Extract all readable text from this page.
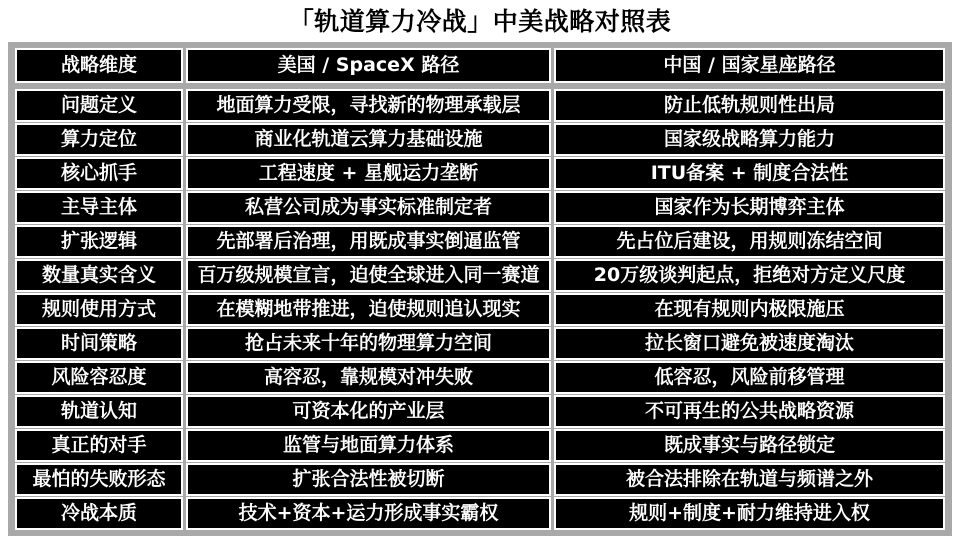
「轨道算力冷战」中美战略对照表
战略维度	美国 / SpaceX 路径	中国 / 国家星座路径
问题定义	地面算力受限，寻找新的物理承载层	防止低轨规则性出局
算力定位	商业化轨道云算力基础设施	国家级战略算力能力
核心抓手	工程速度 + 星舰运力垄断	ITU备案 + 制度合法性
主导主体	私营公司成为事实标准制定者	国家作为长期博弈主体
扩张逻辑	先部署后治理，用既成事实倒逼监管	先占位后建设，用规则冻结空间
数量真实含义	百万级规模宣言，迫使全球进入同一赛道	20万级谈判起点，拒绝对方定义尺度
规则使用方式	在模糊地带推进，迫使规则追认现实	在现有规则内极限施压
时间策略	抢占未来十年的物理算力空间	拉长窗口避免被速度淘汰
风险容忍度	高容忍，靠规模对冲失败	低容忍，风险前移管理
轨道认知	可资本化的产业层	不可再生的公共战略资源
真正的对手	监管与地面算力体系	既成事实与路径锁定
最怕的失败形态	扩张合法性被切断	被合法排除在轨道与频谱之外
冷战本质	技术+资本+运力形成事实霸权	规则+制度+耐力维持进入权
